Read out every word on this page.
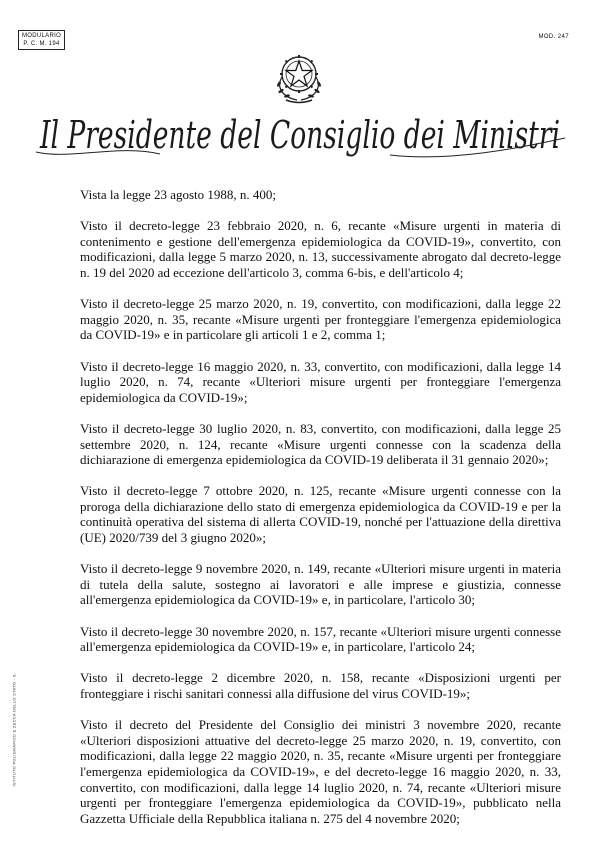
MODULARIO
P. C. M. 194
MOD. 247
Il Presidente del Consiglio dei Ministri

Vista la legge 23 agosto 1988, n. 400;

Visto il decreto-legge 23 febbraio 2020, n. 6, recante «Misure urgenti in materia di contenimento e gestione dell'emergenza epidemiologica da COVID-19», convertito, con modificazioni, dalla legge 5 marzo 2020, n. 13, successivamente abrogato dal decreto-legge n. 19 del 2020 ad eccezione dell'articolo 3, comma 6-bis, e dell'articolo 4;

Visto il decreto-legge 25 marzo 2020, n. 19, convertito, con modificazioni, dalla legge 22 maggio 2020, n. 35, recante «Misure urgenti per fronteggiare l'emergenza epidemiologica da COVID-19» e in particolare gli articoli 1 e 2, comma 1;

Visto il decreto-legge 16 maggio 2020, n. 33, convertito, con modificazioni, dalla legge 14 luglio 2020, n. 74, recante «Ulteriori misure urgenti per fronteggiare l'emergenza epidemiologica da COVID-19»;

Visto il decreto-legge 30 luglio 2020, n. 83, convertito, con modificazioni, dalla legge 25 settembre 2020, n. 124, recante «Misure urgenti connesse con la scadenza della dichiarazione di emergenza epidemiologica da COVID-19 deliberata il 31 gennaio 2020»;

Visto il decreto-legge 7 ottobre 2020, n. 125, recante «Misure urgenti connesse con la proroga della dichiarazione dello stato di emergenza epidemiologica da COVID-19 e per la continuità operativa del sistema di allerta COVID-19, nonché per l'attuazione della direttiva (UE) 2020/739 del 3 giugno 2020»;

Visto il decreto-legge 9 novembre 2020, n. 149, recante «Ulteriori misure urgenti in materia di tutela della salute, sostegno ai lavoratori e alle imprese e giustizia, connesse all'emergenza epidemiologica da COVID-19» e, in particolare, l'articolo 30;

Visto il decreto-legge 30 novembre 2020, n. 157, recante «Ulteriori misure urgenti connesse all'emergenza epidemiologica da COVID-19» e, in particolare, l'articolo 24;

Visto il decreto-legge 2 dicembre 2020, n. 158, recante «Disposizioni urgenti per fronteggiare i rischi sanitari connessi alla diffusione del virus COVID-19»;

Visto il decreto del Presidente del Consiglio dei ministri 3 novembre 2020, recante «Ulteriori disposizioni attuative del decreto-legge 25 marzo 2020, n. 19, convertito, con modificazioni, dalla legge 22 maggio 2020, n. 35, recante «Misure urgenti per fronteggiare l'emergenza epidemiologica da COVID-19», e del decreto-legge 16 maggio 2020, n. 33, convertito, con modificazioni, dalla legge 14 luglio 2020, n. 74, recante «Ulteriori misure urgenti per fronteggiare l'emergenza epidemiologica da COVID-19», pubblicato nella Gazzetta Ufficiale della Repubblica italiana n. 275 del 4 novembre 2020;

ISTITUTO POLIGRAFICO E ZECCA DELLO STATO - S.
